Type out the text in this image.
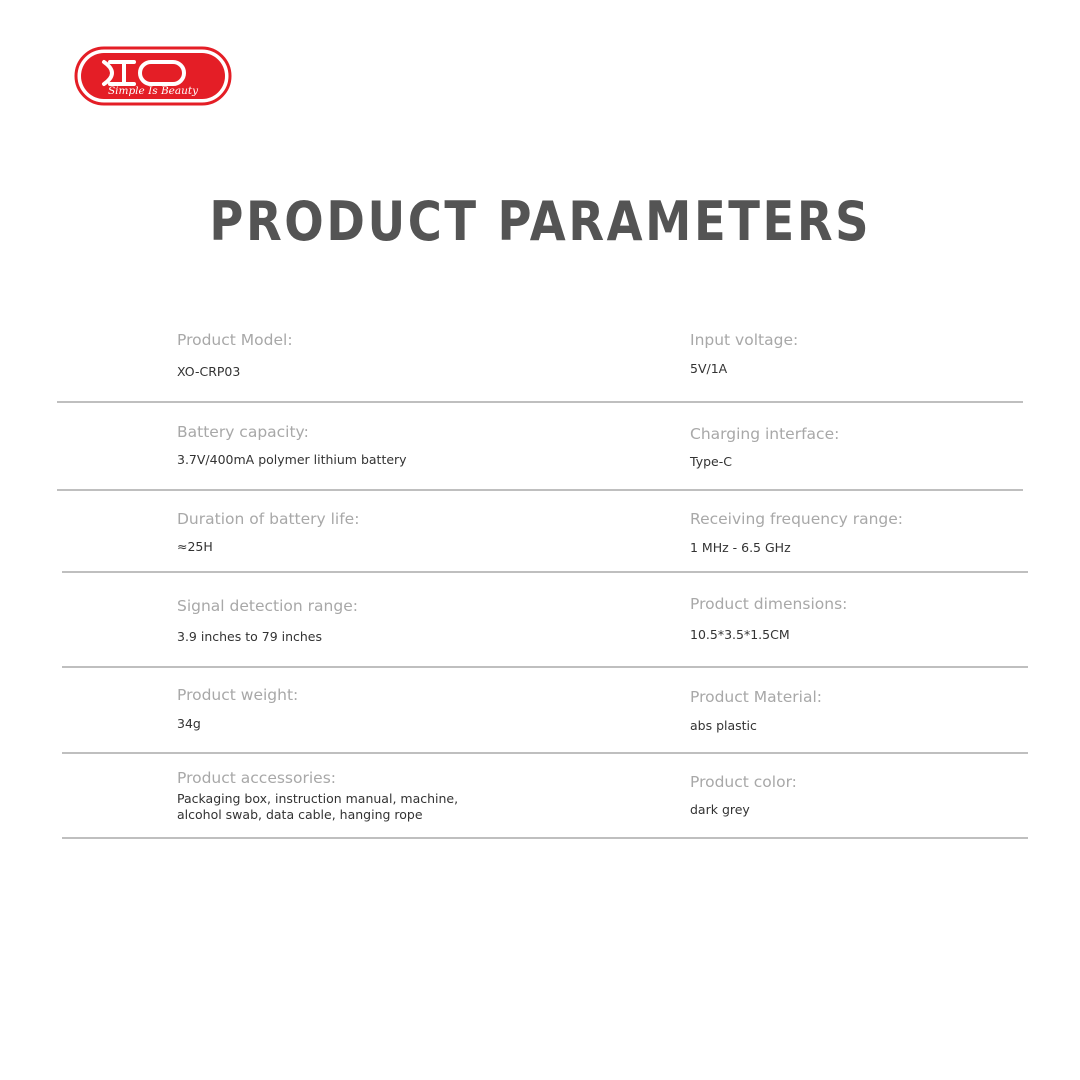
Simple Is Beauty
PRODUCT PARAMETERS
Product Model:
XO-CRP03
Input voltage:
5V/1A
Battery capacity:
3.7V/400mA polymer lithium battery
Charging interface:
Type-C
Duration of battery life:
≈25H
Receiving frequency range:
1 MHz - 6.5 GHz
Signal detection range:
3.9 inches to 79 inches
Product dimensions:
10.5*3.5*1.5CM
Product weight:
34g
Product Material:
abs plastic
Product accessories:
Packaging box, instruction manual, machine,
alcohol swab, data cable, hanging rope
Product color:
dark grey
